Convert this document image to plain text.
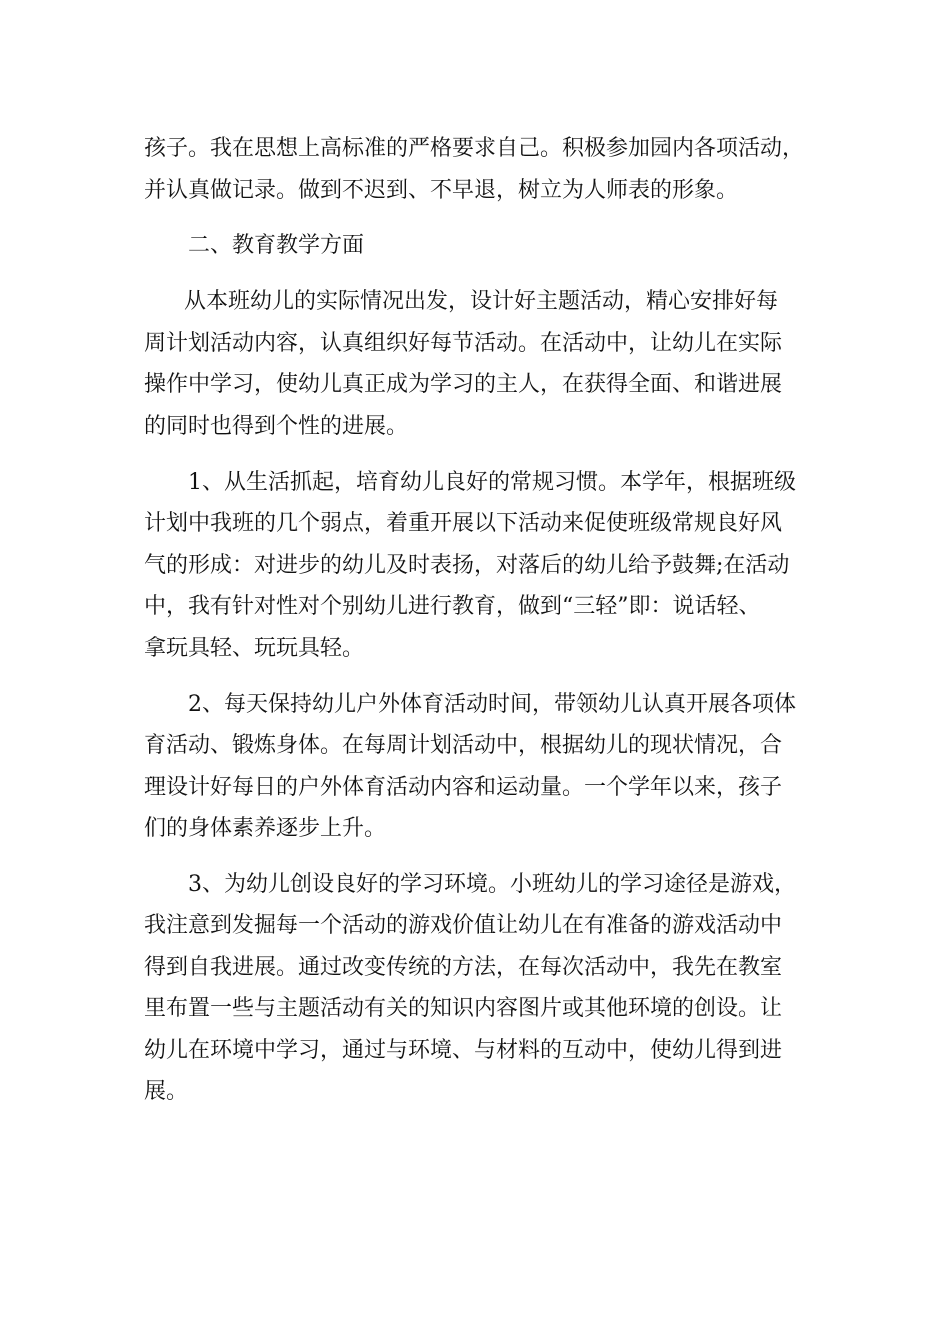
孩子。我在思想上高标准的严格要求自己。积极参加园内各项活动，
并认真做记录。做到不迟到、不早退，树立为人师表的形象。
二、教育教学方面
从本班幼儿的实际情况出发，设计好主题活动，精心安排好每
周计划活动内容，认真组织好每节活动。在活动中，让幼儿在实际
操作中学习，使幼儿真正成为学习的主人，在获得全面、和谐进展
的同时也得到个性的进展。
1、从生活抓起，培育幼儿良好的常规习惯。本学年，根据班级
计划中我班的几个弱点，着重开展以下活动来促使班级常规良好风
气的形成：对进步的幼儿及时表扬，对落后的幼儿给予鼓舞;在活动
中，我有针对性对个别幼儿进行教育，做到“三轻”即：说话轻、
拿玩具轻、玩玩具轻。
2、每天保持幼儿户外体育活动时间，带领幼儿认真开展各项体
育活动、锻炼身体。在每周计划活动中，根据幼儿的现状情况，合
理设计好每日的户外体育活动内容和运动量。一个学年以来，孩子
们的身体素养逐步上升。
3、为幼儿创设良好的学习环境。小班幼儿的学习途径是游戏，
我注意到发掘每一个活动的游戏价值让幼儿在有准备的游戏活动中
得到自我进展。通过改变传统的方法，在每次活动中，我先在教室
里布置一些与主题活动有关的知识内容图片或其他环境的创设。让
幼儿在环境中学习，通过与环境、与材料的互动中，使幼儿得到进
展。
